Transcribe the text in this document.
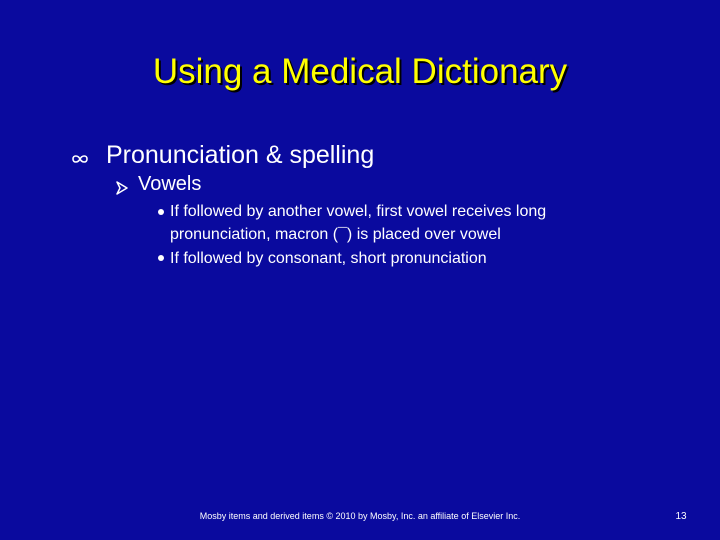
Using a Medical Dictionary
Pronunciation & spelling
Vowels
If followed by another vowel, first vowel receives long
pronunciation, macron (¯) is placed over vowel
If followed by consonant, short pronunciation
Mosby items and derived items © 2010 by Mosby, Inc. an affiliate of Elsevier Inc.	13
